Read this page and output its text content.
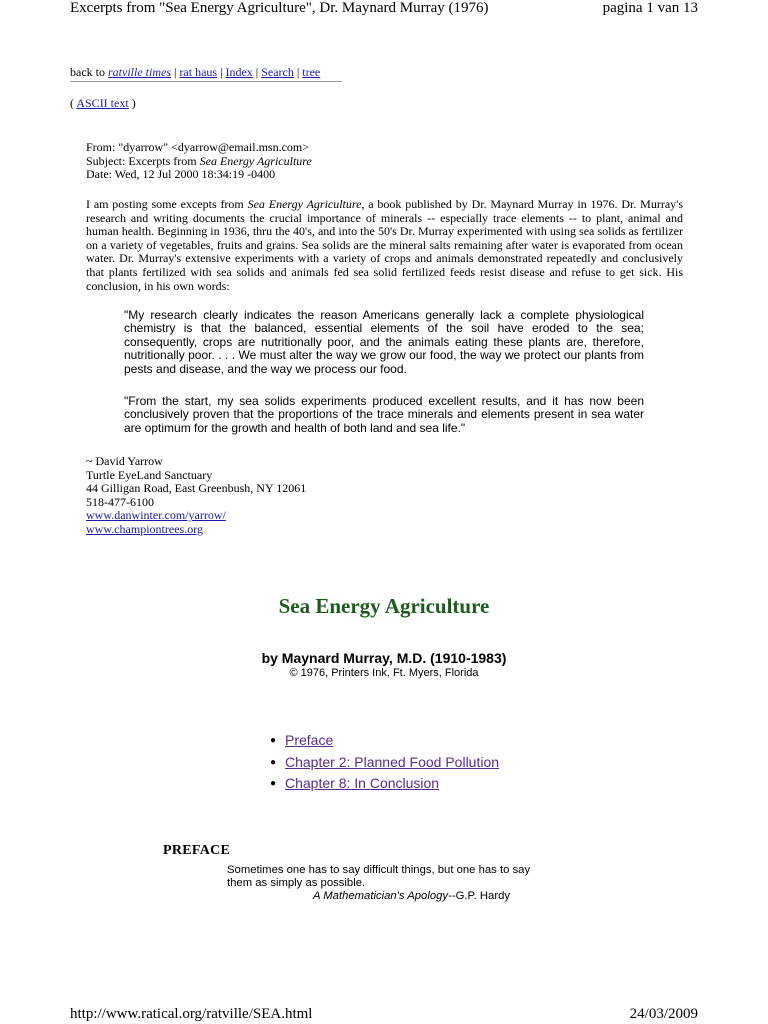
Excerpts from "Sea Energy Agriculture", Dr. Maynard Murray (1976)	pagina 1 van 13
back to ratville times | rat haus | Index | Search | tree
( ASCII text )
From: "dyarrow" <dyarrow@email.msn.com>
Subject: Excerpts from Sea Energy Agriculture
Date: Wed, 12 Jul 2000 18:34:19 -0400

I am posting some excepts from Sea Energy Agriculture, a book published by Dr. Maynard Murray in 1976. Dr. Murray's research and writing documents the crucial importance of minerals -- especially trace elements -- to plant, animal and human health. Beginning in 1936, thru the 40's, and into the 50's Dr. Murray experimented with using sea solids as fertilizer on a variety of vegetables, fruits and grains. Sea solids are the mineral salts remaining after water is evaporated from ocean water. Dr. Murray's extensive experiments with a variety of crops and animals demonstrated repeatedly and conclusively that plants fertilized with sea solids and animals fed sea solid fertilized feeds resist disease and refuse to get sick. His conclusion, in his own words:

"My research clearly indicates the reason Americans generally lack a complete physiological chemistry is that the balanced, essential elements of the soil have eroded to the sea; consequently, crops are nutritionally poor, and the animals eating these plants are, therefore, nutritionally poor. . . . We must alter the way we grow our food, the way we protect our plants from pests and disease, and the way we process our food.

"From the start, my sea solids experiments produced excellent results, and it has now been conclusively proven that the proportions of the trace minerals and elements present in sea water are optimum for the growth and health of both land and sea life."

~ David Yarrow
Turtle EyeLand Sanctuary
44 Gilligan Road, East Greenbush, NY 12061
518-477-6100
www.danwinter.com/yarrow/
www.championtrees.org
Sea Energy Agriculture
by Maynard Murray, M.D. (1910-1983)
© 1976, Printers Ink, Ft. Myers, Florida
● Preface
● Chapter 2: Planned Food Pollution
● Chapter 8: In Conclusion
PREFACE
Sometimes one has to say difficult things, but one has to say them as simply as possible.
A Mathematician's Apology--G.P. Hardy
http://www.ratical.org/ratville/SEA.html	24/03/2009
